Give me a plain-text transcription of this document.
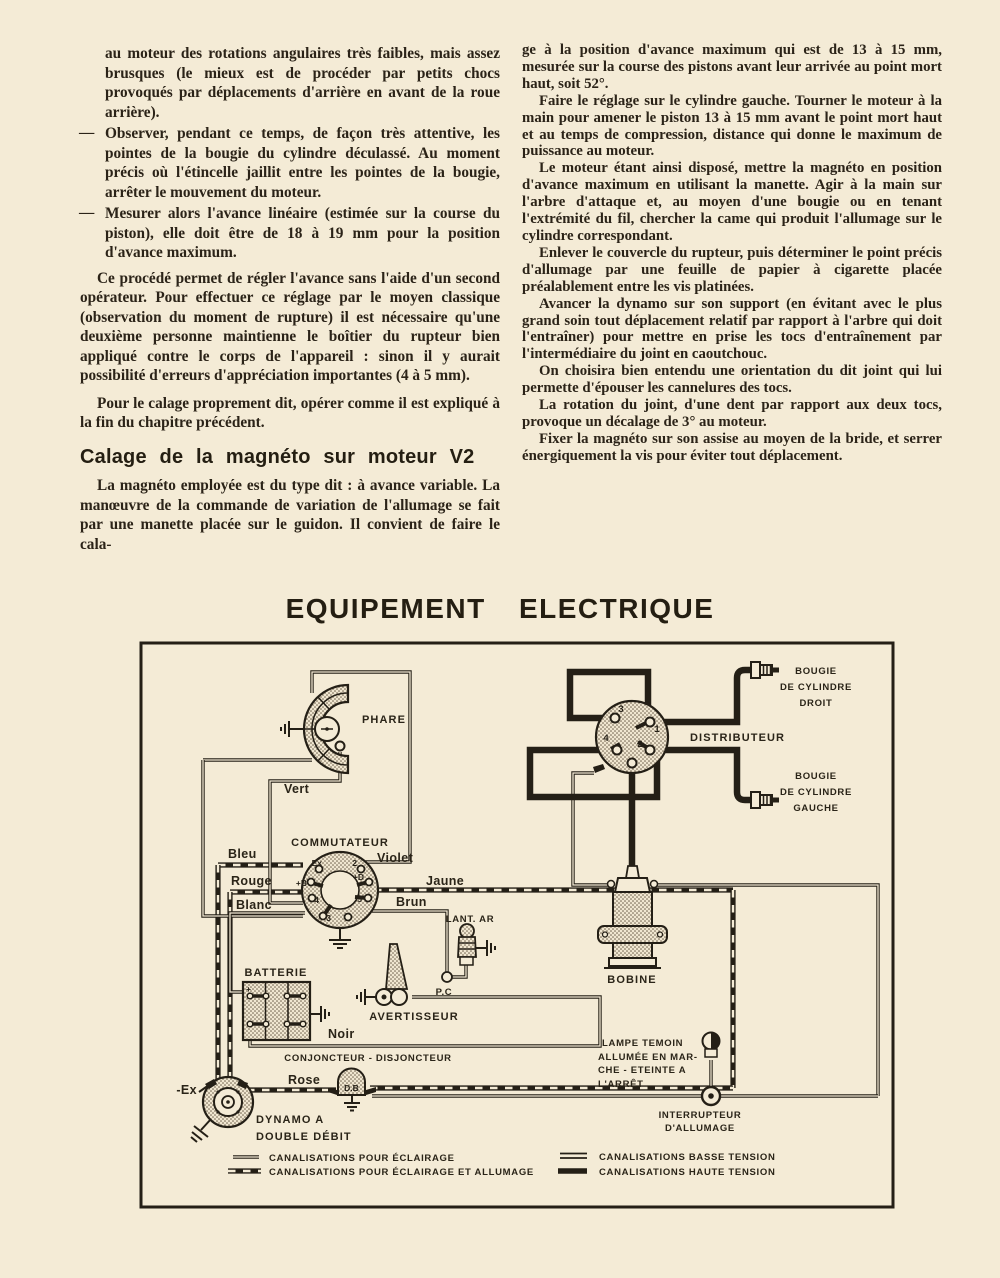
au moteur des rotations angulaires très faibles, mais assez brusques (le mieux est de procéder par petits chocs provoqués par déplacements d'arrière en avant de la roue arrière).

— Observer, pendant ce temps, de façon très attentive, les pointes de la bougie du cylindre déculassé. Au moment précis où l'étincelle jaillit entre les pointes de la bougie, arrêter le mouvement du moteur.

— Mesurer alors l'avance linéaire (estimée sur la course du piston), elle doit être de 18 à 19 mm pour la position d'avance maximum.

Ce procédé permet de régler l'avance sans l'aide d'un second opérateur. Pour effectuer ce réglage par le moyen classique (observation du moment de rupture) il est nécessaire qu'une deuxième personne maintienne le boîtier du rupteur bien appliqué contre le corps de l'appareil : sinon il y aurait possibilité d'erreurs d'appréciation importantes (4 à 5 mm).

Pour le calage proprement dit, opérer comme il est expliqué à la fin du chapitre précédent.

Calage de la magnéto sur moteur V2

La magnéto employée est du type dit : à avance variable. La manœuvre de la commande de variation de l'allumage se fait par une manette placée sur le guidon. Il convient de faire le cala-

ge à la position d'avance maximum qui est de 13 à 15 mm, mesurée sur la course des pistons avant leur arrivée au point mort haut, soit 52°.

Faire le réglage sur le cylindre gauche. Tourner le moteur à la main pour amener le piston 13 à 15 mm avant le point mort haut et au temps de compression, distance qui donne le maximum de puissance au moteur.

Le moteur étant ainsi disposé, mettre la magnéto en position d'avance maximum en utilisant la manette. Agir à la main sur l'arbre d'attaque et, au moyen d'une bougie ou en tenant l'extrémité du fil, chercher la came qui produit l'allumage sur le cylindre correspondant.

Enlever le couvercle du rupteur, puis déterminer le point précis d'allumage par une feuille de papier à cigarette placée préalablement entre les vis platinées.

Avancer la dynamo sur son support (en évitant avec le plus grand soin tout déplacement relatif par rapport à l'arbre qui doit l'entraîner) pour mettre en prise les tocs d'entraînement par l'intermédiaire du joint en caoutchouc.

On choisira bien entendu une orientation du dit joint qui lui permette d'épouser les cannelures des tocs.

La rotation du joint, d'une dent par rapport aux deux tocs, provoque un décalage de 3° au moteur.

Fixer la magnéto sur son assise au moyen de la bride, et serrer énergiquement la vis pour éviter tout déplacement.

EQUIPEMENT ELECTRIQUE
PHARE
COMMUTATEUR
Ex	2
+B
+D
4	5
3
Vert
Bleu
Rouge
Blanc
Violet
Jaune
Brun
Noir
Rose
+
BATTERIE
AVERTISSEUR
LANT. AR
P.C
D.B
CONJONCTEUR - DISJONCTEUR
-Ex
DYNAMO A
DOUBLE DÉBIT
3
1
4
2
DISTRIBUTEUR
BOUGIE
DE CYLINDRE
DROIT
BOUGIE
DE CYLINDRE
GAUCHE
BOBINE
LAMPE TEMOIN
ALLUMÉE EN MAR-
CHE - ETEINTE A
L'ARRÊT
INTERRUPTEUR
D'ALLUMAGE
CANALISATIONS POUR ÉCLAIRAGE
CANALISATIONS POUR ÉCLAIRAGE ET ALLUMAGE
CANALISATIONS BASSE TENSION
CANALISATIONS HAUTE TENSION
